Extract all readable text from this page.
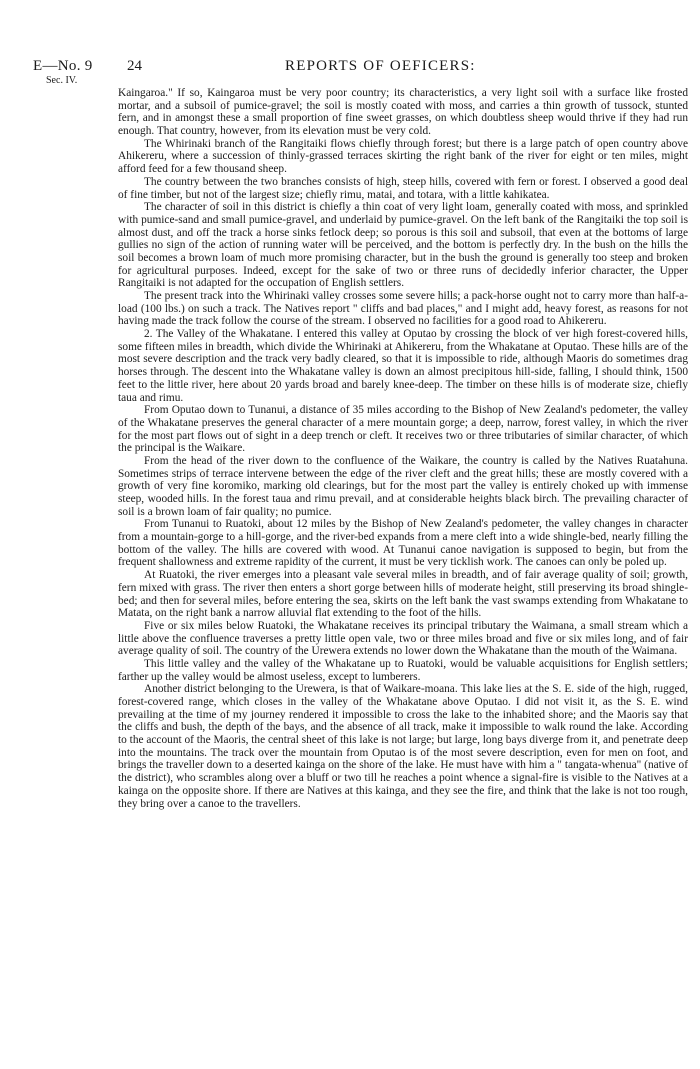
E—No. 9
Sec. IV.
24	REPORTS OF OEFICERS:

Kaingaroa." If so, Kaingaroa must be very poor country; its characteristics, a very light soil with a surface like frosted mortar, and a subsoil of pumice-gravel; the soil is mostly coated with moss, and carries a thin growth of tussock, stunted fern, and in amongst these a small proportion of fine sweet grasses, on which doubtless sheep would thrive if they had run enough. That country, however, from its elevation must be very cold.

The Whirinaki branch of the Rangitaiki flows chiefly through forest; but there is a large patch of open country above Ahikereru, where a succession of thinly-grassed terraces skirting the right bank of the river for eight or ten miles, might afford feed for a few thousand sheep.

The country between the two branches consists of high, steep hills, covered with fern or forest. I observed a good deal of fine timber, but not of the largest size; chiefly rimu, matai, and totara, with a little kahikatea.

The character of soil in this district is chiefly a thin coat of very light loam, generally coated with moss, and sprinkled with pumice-sand and small pumice-gravel, and underlaid by pumice-gravel. On the left bank of the Rangitaiki the top soil is almost dust, and off the track a horse sinks fetlock deep; so porous is this soil and subsoil, that even at the bottoms of large gullies no sign of the action of running water will be perceived, and the bottom is perfectly dry. In the bush on the hills the soil becomes a brown loam of much more promising character, but in the bush the ground is generally too steep and broken for agricultural purposes. Indeed, except for the sake of two or three runs of decidedly inferior character, the Upper Rangitaiki is not adapted for the occupation of English settlers.

The present track into the Whirinaki valley crosses some severe hills; a pack-horse ought not to carry more than half-a-load (100 lbs.) on such a track. The Natives report " cliffs and bad places," and I might add, heavy forest, as reasons for not having made the track follow the course of the stream. I observed no facilities for a good road to Ahikereru.

2. The Valley of the Whakatane. I entered this valley at Oputao by crossing the block of ver high forest-covered hills, some fifteen miles in breadth, which divide the Whirinaki at Ahikereru, from the Whakatane at Oputao. These hills are of the most severe description and the track very badly cleared, so that it is impossible to ride, although Maoris do sometimes drag horses through. The descent into the Whakatane valley is down an almost precipitous hill-side, falling, I should think, 1500 feet to the little river, here about 20 yards broad and barely knee-deep. The timber on these hills is of moderate size, chiefly taua and rimu.

From Oputao down to Tunanui, a distance of 35 miles according to the Bishop of New Zealand's pedometer, the valley of the Whakatane preserves the general character of a mere mountain gorge; a deep, narrow, forest valley, in which the river for the most part flows out of sight in a deep trench or cleft. It receives two or three tributaries of similar character, of which the principal is the Waikare.

From the head of the river down to the confluence of the Waikare, the country is called by the Natives Ruatahuna. Sometimes strips of terrace intervene between the edge of the river cleft and the great hills; these are mostly covered with a growth of very fine koromiko, marking old clearings, but for the most part the valley is entirely choked up with immense steep, wooded hills. In the forest taua and rimu prevail, and at considerable heights black birch. The prevailing character of soil is a brown loam of fair quality; no pumice.

From Tunanui to Ruatoki, about 12 miles by the Bishop of New Zealand's pedometer, the valley changes in character from a mountain-gorge to a hill-gorge, and the river-bed expands from a mere cleft into a wide shingle-bed, nearly filling the bottom of the valley. The hills are covered with wood. At Tunanui canoe navigation is supposed to begin, but from the frequent shallowness and extreme rapidity of the current, it must be very ticklish work. The canoes can only be poled up.

At Ruatoki, the river emerges into a pleasant vale several miles in breadth, and of fair average quality of soil; growth, fern mixed with grass. The river then enters a short gorge between hills of moderate height, still preserving its broad shingle-bed; and then for several miles, before entering the sea, skirts on the left bank the vast swamps extending from Whakatane to Matata, on the right bank a narrow alluvial flat extending to the foot of the hills.

Five or six miles below Ruatoki, the Whakatane receives its principal tributary the Waimana, a small stream which a little above the confluence traverses a pretty little open vale, two or three miles broad and five or six miles long, and of fair average quality of soil. The country of the Urewera extends no lower down the Whakatane than the mouth of the Waimana.

This little valley and the valley of the Whakatane up to Ruatoki, would be valuable acquisitions for English settlers; farther up the valley would be almost useless, except to lumberers.

Another district belonging to the Urewera, is that of Waikare-moana. This lake lies at the S. E. side of the high, rugged, forest-covered range, which closes in the valley of the Whakatane above Oputao. I did not visit it, as the S. E. wind prevailing at the time of my journey rendered it impossible to cross the lake to the inhabited shore; and the Maoris say that the cliffs and bush, the depth of the bays, and the absence of all track, make it impossible to walk round the lake. According to the account of the Maoris, the central sheet of this lake is not large; but large, long bays diverge from it, and penetrate deep into the mountains. The track over the mountain from Oputao is of the most severe description, even for men on foot, and brings the traveller down to a deserted kainga on the shore of the lake. He must have with him a " tangata-whenua" (native of the district), who scrambles along over a bluff or two till he reaches a point whence a signal-fire is visible to the Natives at a kainga on the opposite shore. If there are Natives at this kainga, and they see the fire, and think that the lake is not too rough, they bring over a canoe to the travellers.
